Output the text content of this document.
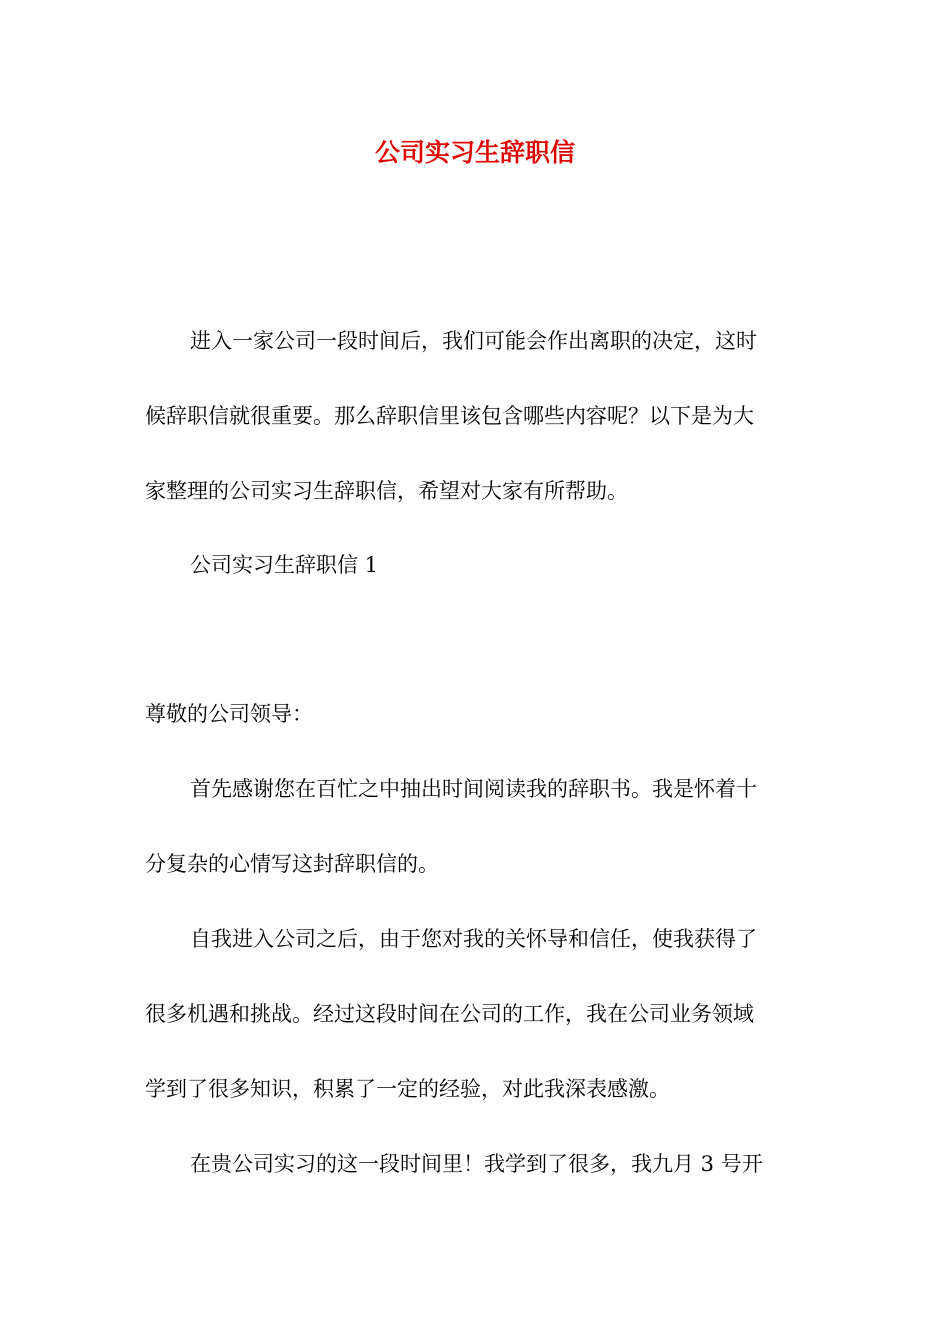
公司实习生辞职信
进入一家公司一段时间后，我们可能会作出离职的决定，这时
候辞职信就很重要。那么辞职信里该包含哪些内容呢？以下是为大
家整理的公司实习生辞职信，希望对大家有所帮助。
公司实习生辞职信 1
尊敬的公司领导：
首先感谢您在百忙之中抽出时间阅读我的辞职书。我是怀着十
分复杂的心情写这封辞职信的。
自我进入公司之后，由于您对我的关怀导和信任，使我获得了
很多机遇和挑战。经过这段时间在公司的工作，我在公司业务领域
学到了很多知识，积累了一定的经验，对此我深表感激。
在贵公司实习的这一段时间里！我学到了很多，我九月 3 号开
